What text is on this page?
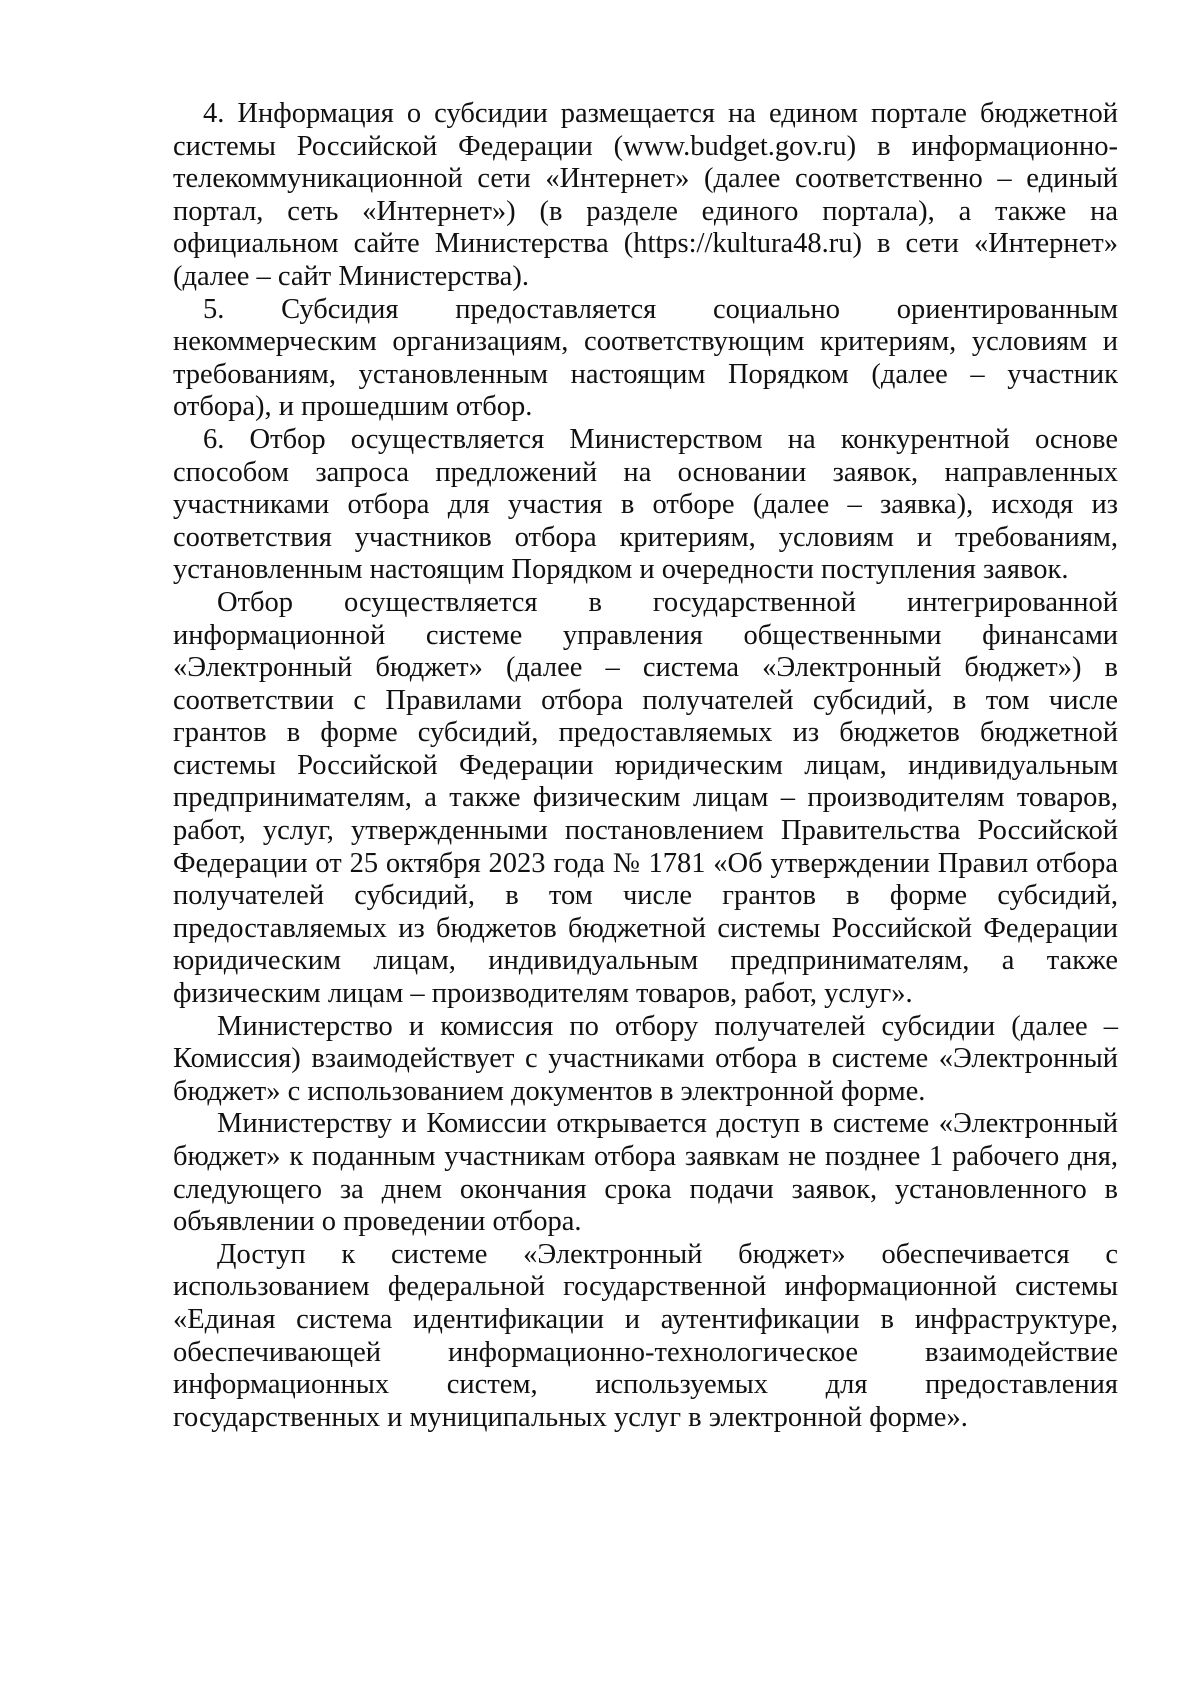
4. Информация о субсидии размещается на едином портале бюджетной системы Российской Федерации (www.budget.gov.ru) в информационно-телекоммуникационной сети «Интернет» (далее соответственно – единый портал, сеть «Интернет») (в разделе единого портала), а также на официальном сайте Министерства (https://kultura48.ru) в сети «Интернет» (далее – сайт Министерства).

5. Субсидия предоставляется социально ориентированным некоммерческим организациям, соответствующим критериям, условиям и требованиям, установленным настоящим Порядком (далее – участник отбора), и прошедшим отбор.

6. Отбор осуществляется Министерством на конкурентной основе способом запроса предложений на основании заявок, направленных участниками отбора для участия в отборе (далее – заявка), исходя из соответствия участников отбора критериям, условиям и требованиям, установленным настоящим Порядком и очередности поступления заявок.

Отбор осуществляется в государственной интегрированной информационной системе управления общественными финансами «Электронный бюджет» (далее – система «Электронный бюджет») в соответствии с Правилами отбора получателей субсидий, в том числе грантов в форме субсидий, предоставляемых из бюджетов бюджетной системы Российской Федерации юридическим лицам, индивидуальным предпринимателям, а также физическим лицам – производителям товаров, работ, услуг, утвержденными постановлением Правительства Российской Федерации от 25 октября 2023 года № 1781 «Об утверждении Правил отбора получателей субсидий, в том числе грантов в форме субсидий, предоставляемых из бюджетов бюджетной системы Российской Федерации юридическим лицам, индивидуальным предпринимателям, а также физическим лицам – производителям товаров, работ, услуг».

Министерство и комиссия по отбору получателей субсидии (далее – Комиссия) взаимодействует с участниками отбора в системе «Электронный бюджет» с использованием документов в электронной форме.

Министерству и Комиссии открывается доступ в системе «Электронный бюджет» к поданным участникам отбора заявкам не позднее 1 рабочего дня, следующего за днем окончания срока подачи заявок, установленного в объявлении о проведении отбора.

Доступ к системе «Электронный бюджет» обеспечивается с использованием федеральной государственной информационной системы «Единая система идентификации и аутентификации в инфраструктуре, обеспечивающей информационно-технологическое взаимодействие информационных систем, используемых для предоставления государственных и муниципальных услуг в электронной форме».
